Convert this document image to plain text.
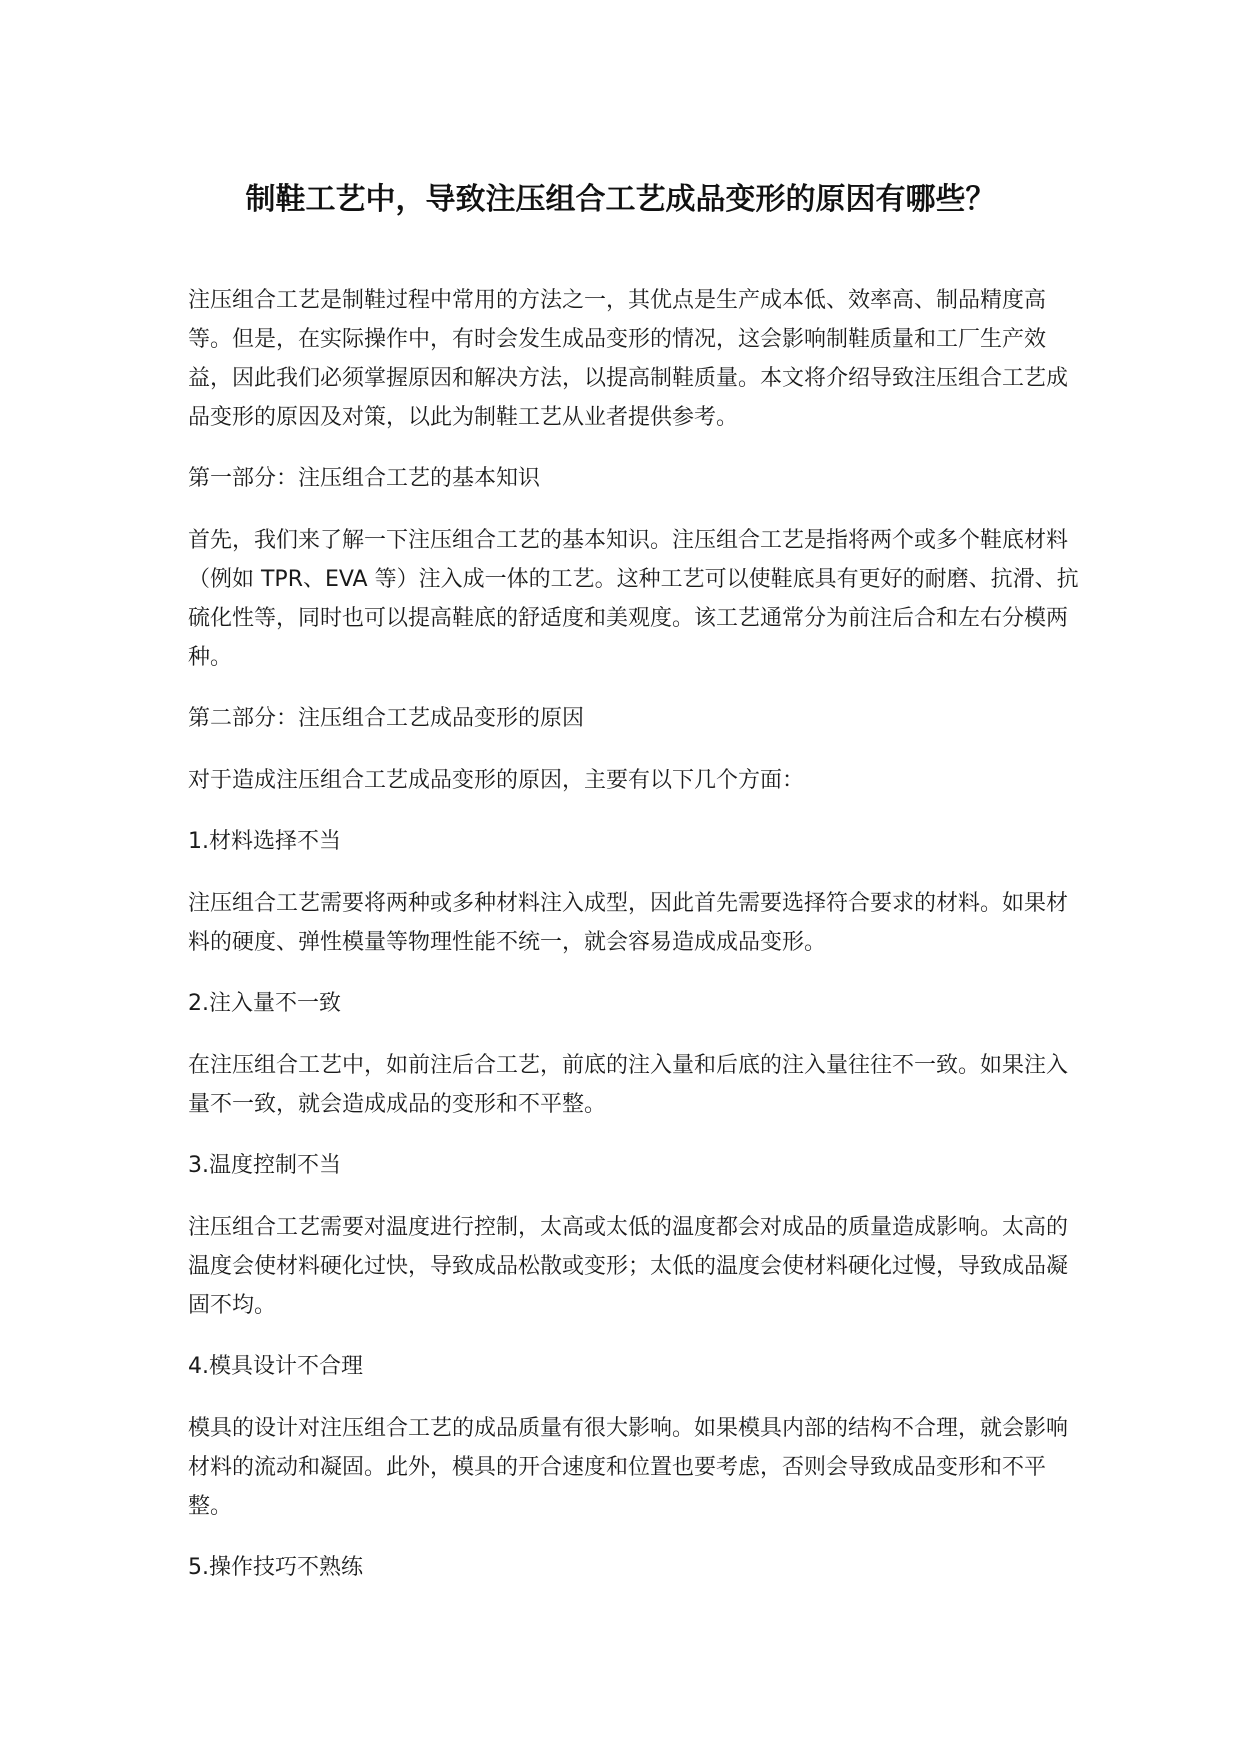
制鞋工艺中，导致注压组合工艺成品变形的原因有哪些？

注压组合工艺是制鞋过程中常用的方法之一，其优点是生产成本低、效率高、制品精度高等。但是，在实际操作中，有时会发生成品变形的情况，这会影响制鞋质量和工厂生产效益，因此我们必须掌握原因和解决方法，以提高制鞋质量。本文将介绍导致注压组合工艺成品变形的原因及对策，以此为制鞋工艺从业者提供参考。

第一部分：注压组合工艺的基本知识

首先，我们来了解一下注压组合工艺的基本知识。注压组合工艺是指将两个或多个鞋底材料（例如 TPR、EVA 等）注入成一体的工艺。这种工艺可以使鞋底具有更好的耐磨、抗滑、抗硫化性等，同时也可以提高鞋底的舒适度和美观度。该工艺通常分为前注后合和左右分模两种。

第二部分：注压组合工艺成品变形的原因

对于造成注压组合工艺成品变形的原因，主要有以下几个方面：

1.材料选择不当

注压组合工艺需要将两种或多种材料注入成型，因此首先需要选择符合要求的材料。如果材料的硬度、弹性模量等物理性能不统一，就会容易造成成品变形。

2.注入量不一致

在注压组合工艺中，如前注后合工艺，前底的注入量和后底的注入量往往不一致。如果注入量不一致，就会造成成品的变形和不平整。

3.温度控制不当

注压组合工艺需要对温度进行控制，太高或太低的温度都会对成品的质量造成影响。太高的温度会使材料硬化过快，导致成品松散或变形；太低的温度会使材料硬化过慢，导致成品凝固不均。

4.模具设计不合理

模具的设计对注压组合工艺的成品质量有很大影响。如果模具内部的结构不合理，就会影响材料的流动和凝固。此外，模具的开合速度和位置也要考虑，否则会导致成品变形和不平整。

5.操作技巧不熟练
